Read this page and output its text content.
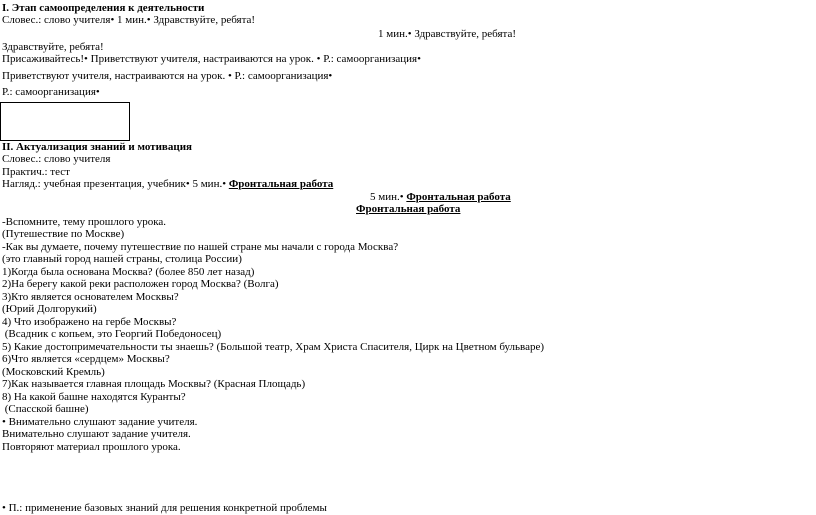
I. Этап самоопределения к деятельности
Словес.: слово учителя• 1 мин.• Здравствуйте, ребята!
1 мин.• Здравствуйте, ребята!
Здравствуйте, ребята!
Присаживайтесь!• Приветствуют учителя, настраиваются на урок. • Р.: самоорганизация•
Приветствуют учителя, настраиваются на урок. • Р.: самоорганизация•
Р.: самоорганизация•
II. Актуализация знаний и мотивация
Словес.: слово учителя
Практич.: тест
Нагляд.: учебная презентация, учебник• 5 мин.• Фронтальная работа
5 мин.• Фронтальная работа
Фронтальная работа
-Вспомните, тему прошлого урока.
(Путешествие по Москве)
-Как вы думаете, почему путешествие по нашей стране мы начали с города Москва?
(это главный город нашей страны, столица России)
1)Когда была основана Москва? (более 850 лет назад)
2)На берегу какой реки расположен город Москва? (Волга)
3)Кто является основателем Москвы?
(Юрий Долгорукий)
4) Что изображено на гербе Москвы?
(Всадник с копьем, это Георгий Победоносец)
5) Какие достопримечательности ты знаешь? (Большой театр, Храм Христа Спасителя, Цирк на Цветном бульваре)
6)Что является «сердцем» Москвы?
(Московский Кремль)
7)Как называется главная площадь Москвы? (Красная Площадь)
8) На какой башне находятся Куранты?
(Спасской башне)
• Внимательно слушают задание учителя.
Внимательно слушают задание учителя.
Повторяют материал прошлого урока.
• П.: применение базовых знаний для решения конкретной проблемы
